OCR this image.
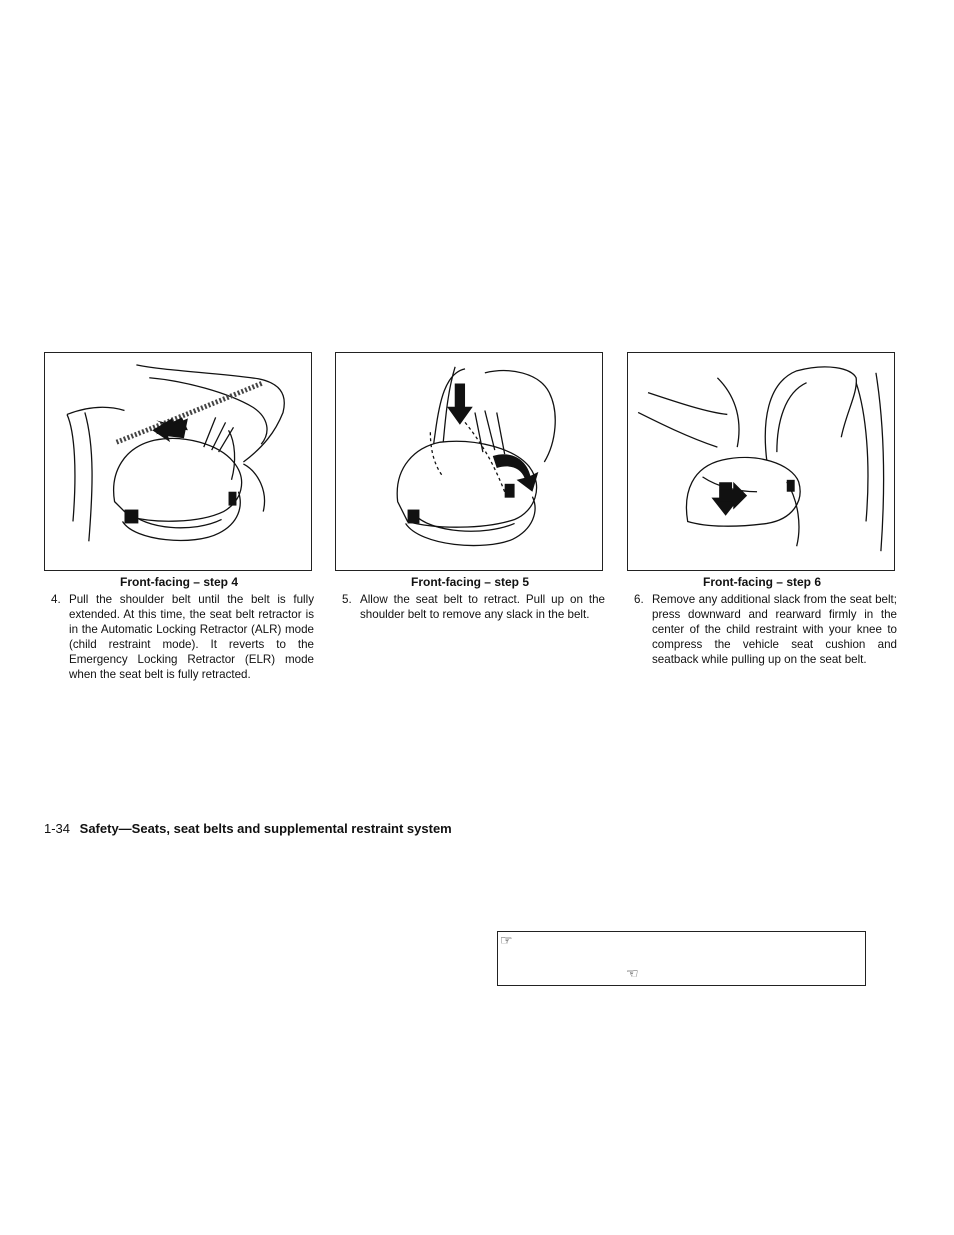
Front-facing – step 4
4. Pull the shoulder belt until the belt is fully extended. At this time, the seat belt retractor is in the Automatic Locking Retractor (ALR) mode (child restraint mode). It reverts to the Emergency Locking Retractor (ELR) mode when the seat belt is fully retracted.
Front-facing – step 5
5. Allow the seat belt to retract. Pull up on the shoulder belt to remove any slack in the belt.
Front-facing – step 6
6. Remove any additional slack from the seat belt; press downward and rearward firmly in the center of the child restraint with your knee to compress the vehicle seat cushion and seatback while pulling up on the seat belt.
1-34 Safety—Seats, seat belts and supplemental restraint system
☞
☜
